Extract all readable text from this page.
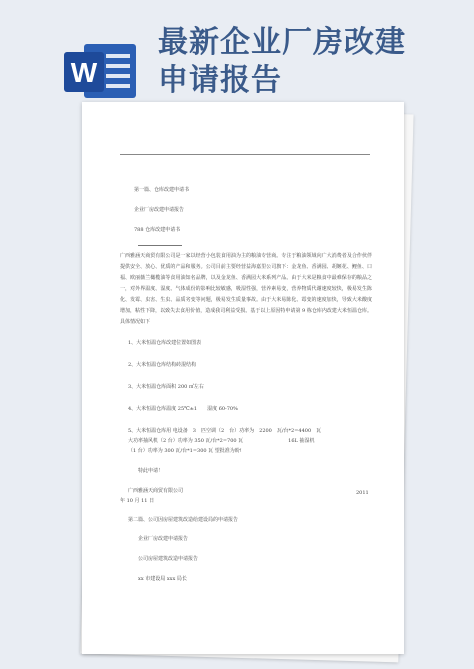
W
最新企业厂房改建
申请报告

第一篇、仓库改建申请书
企业厂房改建申请报告
788 仓库改建申请书
广西雅涵天商贸有限公司是一家以经营小包装食用油为主的粮油专营商。专注于粮油领域向广大消费者及合作伙伴提供安全、放心、优质的产品和服务。公司目前主要经营益海嘉里公司旗下：金龙鱼、香满园、胡姬花、鲤鱼、口福、欧丽薇兰橄榄油等食用油知名品牌，以及金龙鱼、香满园大米系列产品。由于大米是粮食中最难保存的粮品之一，对外界温度、湿度、气体成份的影响比较敏感，吸湿性强，营养素易变，营养物质代谢速度较快，极易发生陈化、发霉、虫害、生虫、品质劣变等问题，极易发生质量事故。由于大米易陈化、霉变的速度加快，导致大米酸度增加，粘性下降，以致失去食用价值，造成我司利益受损。基于以上原因特申请第 9 栋仓库内改建大米恒温仓库。具体情况如下
1、大米恒温仓库改建位置如图表
2、大米恒温仓库结构砖混结构
3、大米恒温仓库面积 200 ㎡左右
4、大米恒温仓库温度 25℃±1　　湿度 60-70%
5、大米恒温仓库用 电设备　3　匹空调（2　台）功率为　2200　瓦/台*2=4400　瓦
大功率抽风机（2 台）功率为 350 瓦/台*2=700 瓦　　　　　　　　　16L 抽湿机
（1 台）功率为 300 瓦/台*1=300 瓦 望批准为盼!
特此申请！
广西雅涵天商贸有限公司	2011
年 10 月 11 日
第二篇、公司因房屋建筑改造给建设局的申请报告
企业厂房改建申请报告
公司房屋建筑改造申请报告
xx 市建设局 xxx 局长
